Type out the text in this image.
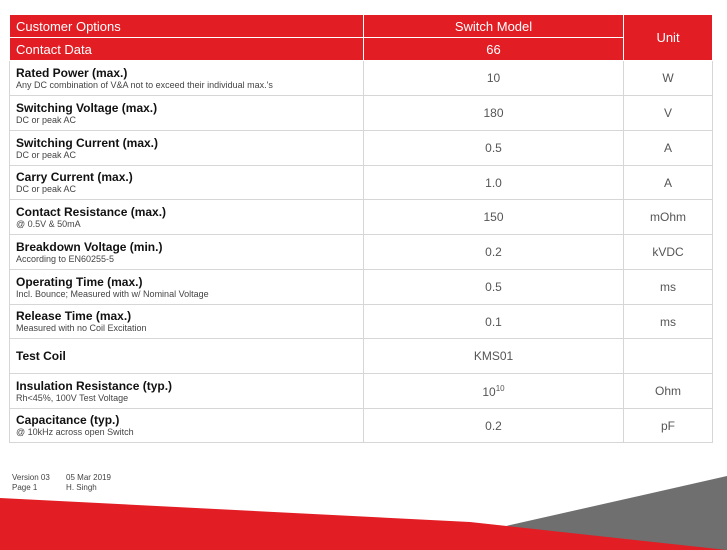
Customer Options	Switch Model	Unit
Contact Data	66	

Rated Power (max.)
Any DC combination of V&A not to exceed their individual max.'s	10	W

Switching Voltage (max.)
DC or peak AC	180	V

Switching Current (max.)
DC or peak AC	0.5	A

Carry Current (max.)
DC or peak AC	1.0	A

Contact Resistance (max.)
@ 0.5V & 50mA	150	mOhm

Breakdown Voltage (min.)
According to EN60255-5	0.2	kVDC

Operating Time (max.)
Incl. Bounce; Measured with w/ Nominal Voltage	0.5	ms

Release Time (max.)
Measured with no Coil Excitation	0.1	ms

Test Coil	KMS01	

Insulation Resistance (typ.)
Rh<45%, 100V Test Voltage	$10^{10}$	Ohm

Capacitance (typ.)
@ 10kHz across open Switch	0.2	pF
Version 03
Page 1

05 Mar 2019
H. Singh
